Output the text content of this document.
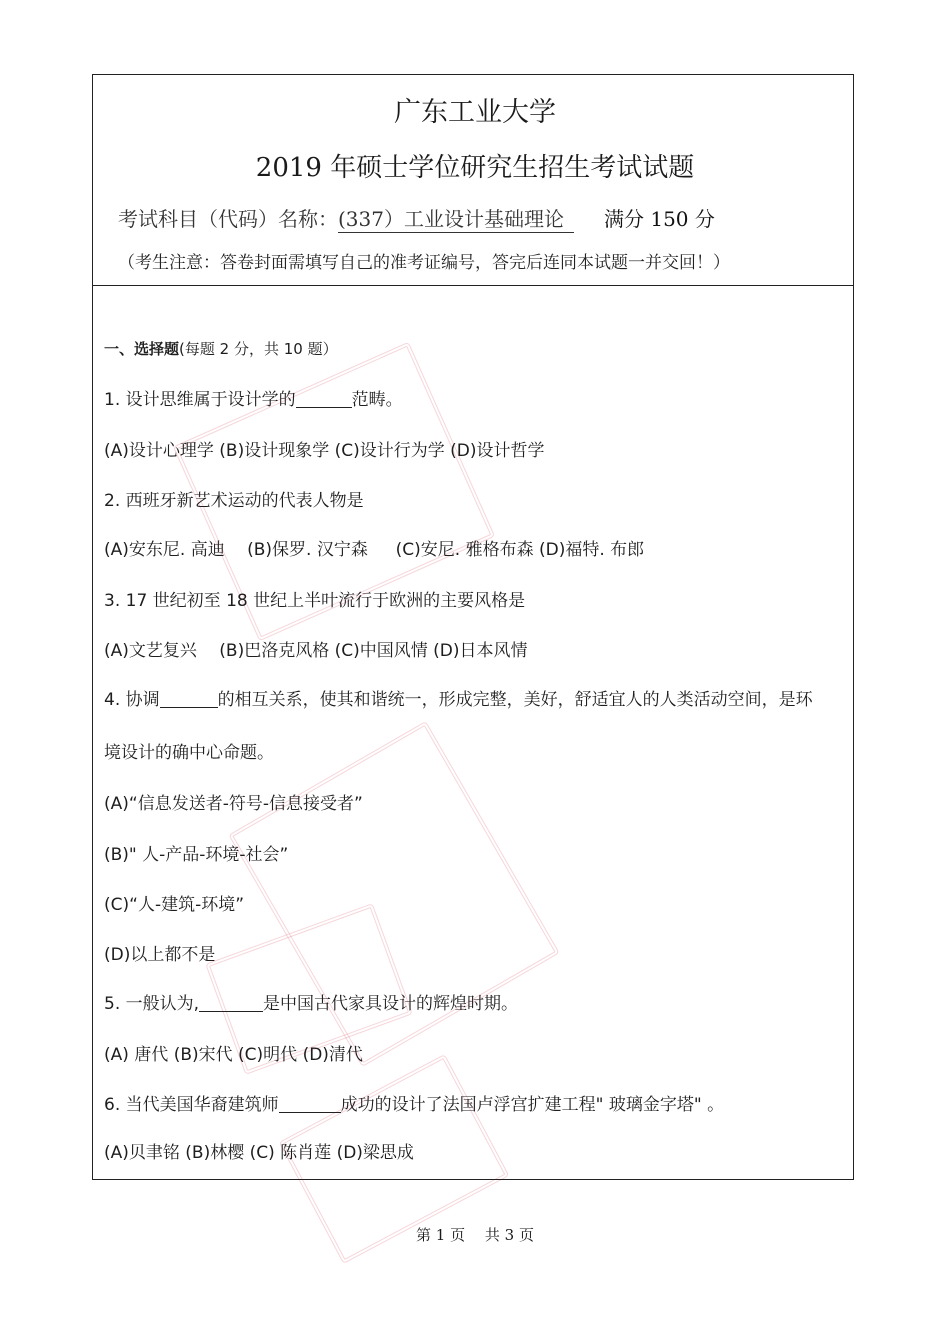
广东工业大学
2019 年硕士学位研究生招生考试试题
考试科目（代码）名称：(337）工业设计基础理论 满分 150 分
（考生注意：答卷封面需填写自己的准考证编号，答完后连同本试题一并交回！）
一、选择题(每题 2 分，共 10 题）
1. 设计思维属于设计学的	范畴。
(A)设计心理学 (B)设计现象学 (C)设计行为学 (D)设计哲学
2. 西班牙新艺术运动的代表人物是
(A)安东尼. 高迪 　(B)保罗. 汉宁森 　 (C)安尼. 雅格布森 (D)福特. 布郎
3. 17 世纪初至 18 世纪上半叶流行于欧洲的主要风格是
(A)文艺复兴 　(B)巴洛克风格 (C)中国风情 (D)日本风情
4. 协调	的相互关系，使其和谐统一，形成完整，美好，舒适宜人的人类活动空间，是环
境设计的确中心命题。
(A)“信息发送者-符号-信息接受者”
(B)" 人-产品-环境-社会”
(C)“人-建筑-环境”
(D)以上都不是
5. 一般认为,	是中国古代家具设计的辉煌时期。
(A) 唐代 (B)宋代 (C)明代 (D)清代
6. 当代美国华裔建筑师	成功的设计了法国卢浮宫扩建工程" 玻璃金字塔" 。
(A)贝聿铭 (B)林樱 (C) 陈肖莲 (D)梁思成
第 1 页　 共 3 页
